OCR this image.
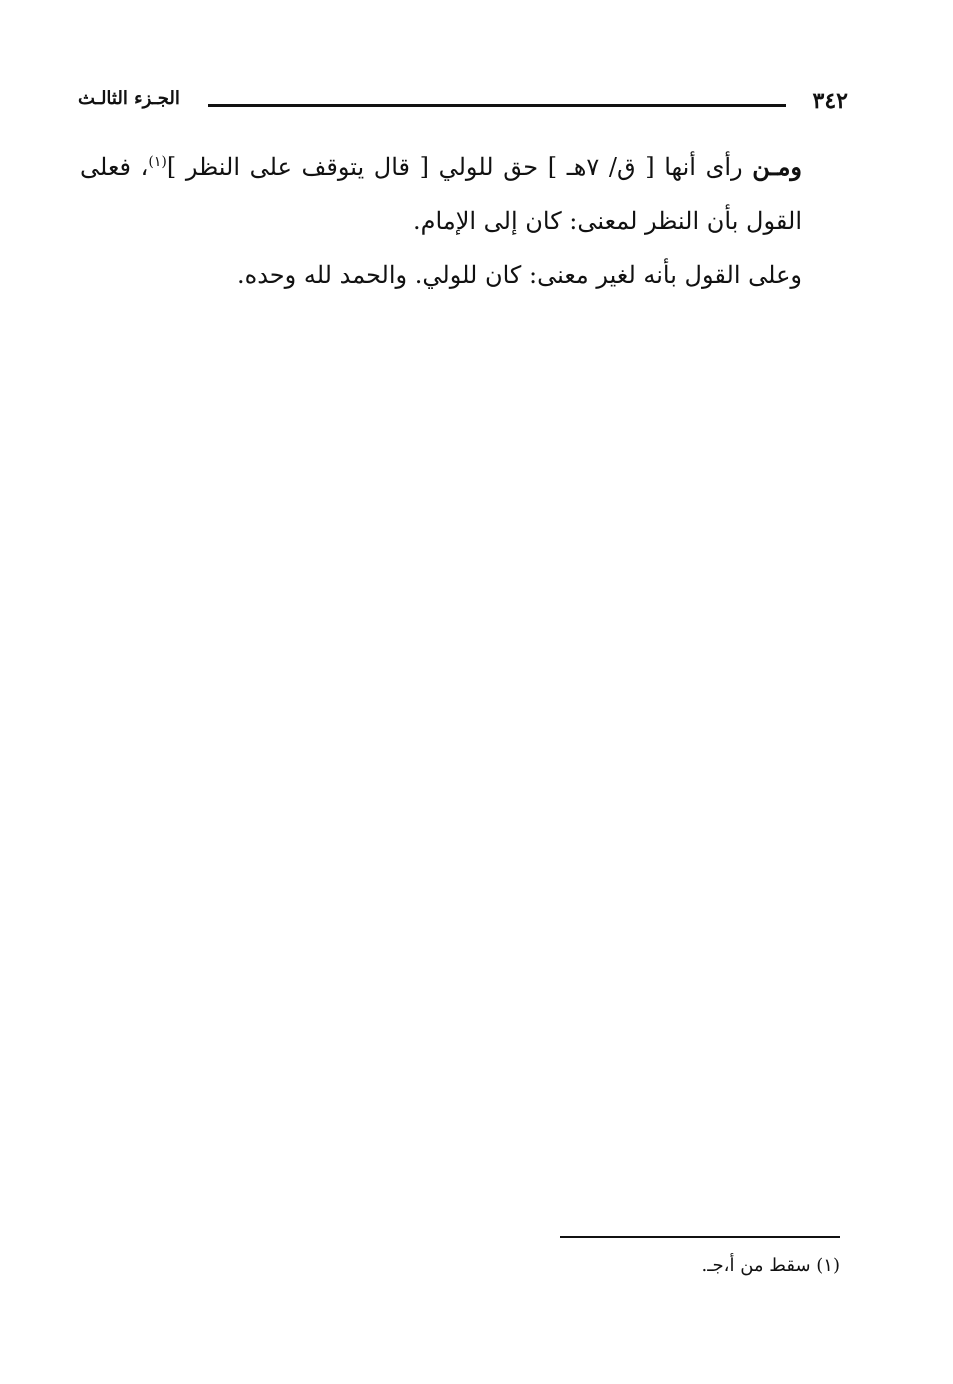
٣٤٢
الجـزء الثالـث

ومـن رأى أنها [ ق/ ٧هـ ] حق للولي [ قال يتوقف على النظر ]$^{(١)}$، فعلى القول بأن النظر لمعنى: كان إلى الإمام.

وعلى القول بأنه لغير معنى: كان للولي. والحمد لله وحده.

(١) سقط من أ،جـ.
